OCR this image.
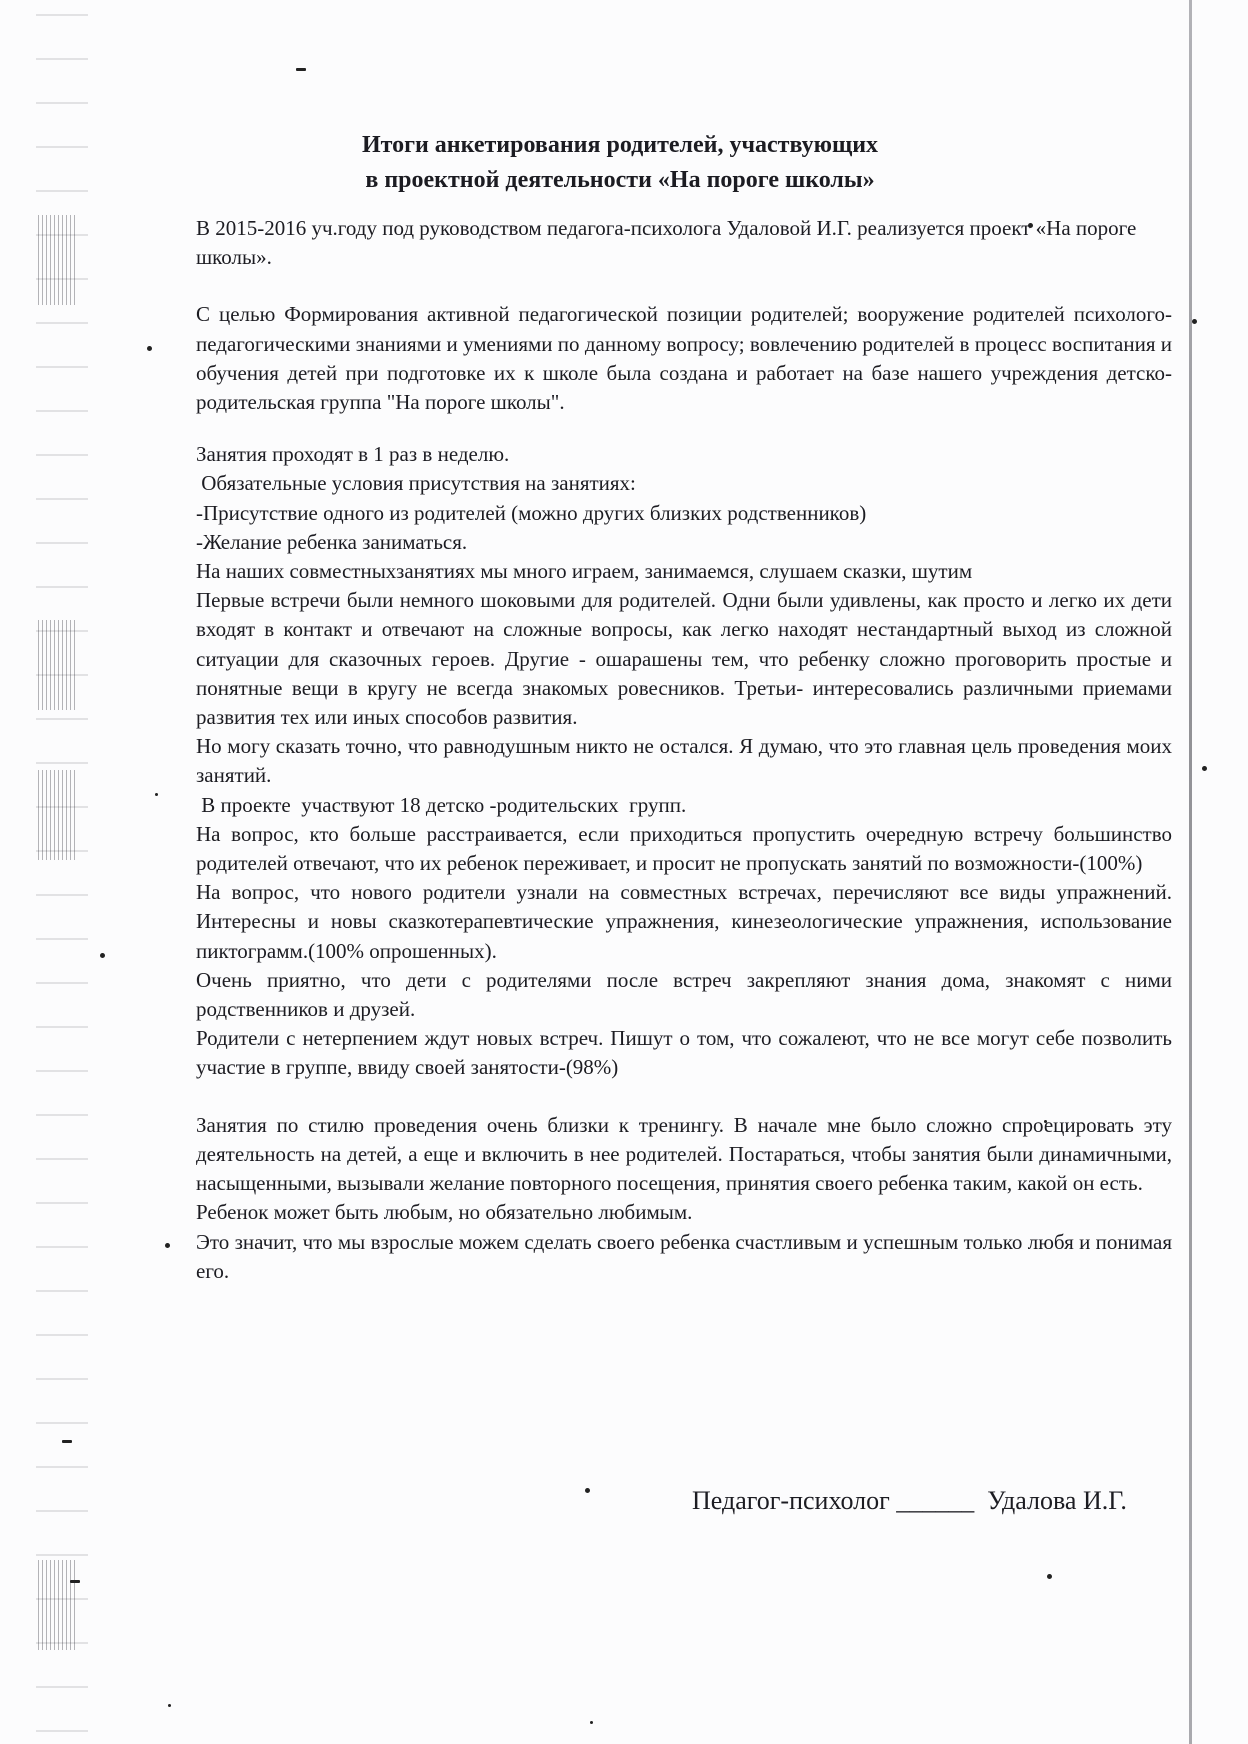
Итоги анкетирования родителей, участвующих
в проектной деятельности «На пороге школы»

В 2015-2016 уч.году под руководством педагога-психолога Удаловой И.Г. реализуется проект «На пороге школы».

С целью Формирования активной педагогической позиции родителей; вооружение родителей психолого-педагогическими знаниями и умениями по данному вопросу; вовлечению родителей в процесс воспитания и обучения детей при подготовке их к школе была создана и работает на базе нашего учреждения детско-родительская группа "На пороге школы".

Занятия проходят в 1 раз в неделю.

Обязательные условия присутствия на занятиях:

-Присутствие одного из родителей (можно других близких родственников)

-Желание ребенка заниматься.

На наших совместныхзанятиях мы много играем, занимаемся, слушаем сказки, шутим

Первые встречи были немного шоковыми для родителей. Одни были удивлены, как просто и легко их дети входят в контакт и отвечают на сложные вопросы, как легко находят нестандартный выход из сложной ситуации для сказочных героев. Другие - ошарашены тем, что ребенку сложно проговорить простые и понятные вещи в кругу не всегда знакомых ровесников. Третьи- интересовались различными приемами развития тех или иных способов развития.

Но могу сказать точно, что равнодушным никто не остался. Я думаю, что это главная цель проведения моих занятий.

В проекте  участвуют 18 детско -родительских  групп.

На вопрос, кто больше расстраивается, если приходиться пропустить очередную встречу большинство родителей отвечают, что их ребенок переживает, и просит не пропускать занятий по возможности-(100%)

На вопрос, что нового родители узнали на совместных встречах, перечисляют все виды упражнений. Интересны и новы сказкотерапевтические упражнения, кинезеологические упражнения, использование пиктограмм.(100% опрошенных).

Очень приятно, что дети с родителями после встреч закрепляют знания дома, знакомят с ними родственников и друзей.

Родители с нетерпением ждут новых встреч. Пишут о том, что сожалеют, что не все могут себе позволить участие в группе, ввиду своей занятости-(98%)

Занятия по стилю проведения очень близки к тренингу. В начале мне было сложно спроецировать эту деятельность на детей, а еще и включить в нее родителей. Постараться, чтобы занятия были динамичными, насыщенными, вызывали желание повторного посещения, принятия своего ребенка таким, какой он есть.

Ребенок может быть любым, но обязательно любимым.

Это значит, что мы взрослые можем сделать своего ребенка счастливым и успешным только любя и понимая его.

Педагог-психолог ______  Удалова И.Г.
